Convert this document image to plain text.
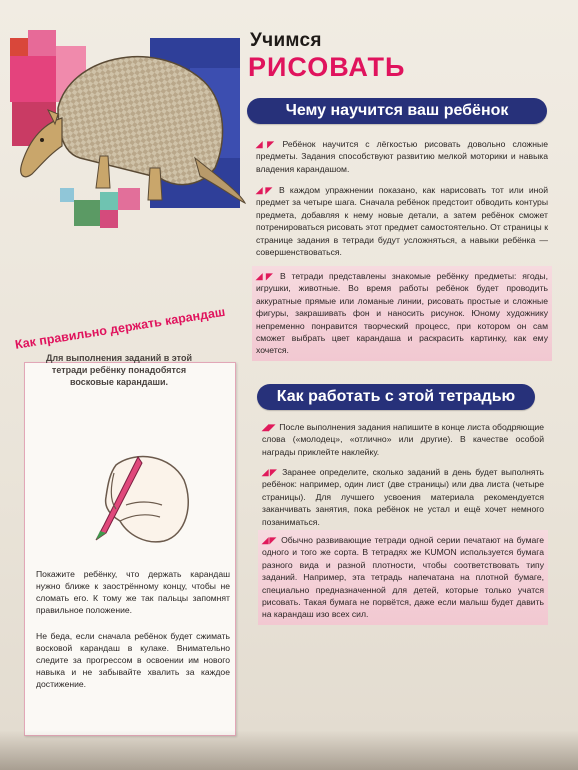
Учимся
РИСОВАТЬ
Чему научится ваш ребёнок
◢◤ Ребёнок научится с лёгкостью рисовать довольно сложные предметы. Задания способствуют развитию мелкой моторики и навыка владения карандашом.
◢◤ В каждом упражнении показано, как нарисовать тот или иной предмет за четыре шага. Сначала ребёнок предстоит обводить контуры предмета, добавляя к нему новые детали, а затем ребёнок сможет потренироваться рисовать этот предмет самостоятельно. От страницы к странице задания в тетради будут усложняться, а навыки ребёнка — совершенствоваться.
◢◤ В тетради представлены знакомые ребёнку предметы: ягоды, игрушки, животные. Во время работы ребёнок будет проводить аккуратные прямые или ломаные линии, рисовать простые и сложные фигуры, закрашивать фон и наносить рисунок. Юному художнику непременно понравится творческий процесс, при котором он сам сможет выбрать цвет карандаша и раскрасить картинку, как ему хочется.
Как работать с этой тетрадью
◢◤ После выполнения задания напишите в конце листа ободряющие слова («молодец», «отлично» или другие). В качестве особой награды приклейте наклейку.
◢◤ Заранее определите, сколько заданий в день будет выполнять ребёнок: например, один лист (две страницы) или два листа (четыре страницы). Для лучшего усвоения материала рекомендуется заканчивать занятия, пока ребёнок не устал и ещё хочет немного позаниматься.
◢◤ Обычно развивающие тетради одной серии печатают на бумаге одного и того же сорта. В тетрадях же KUMON используется бумага разного вида и разной плотности, чтобы соответствовать типу заданий. Например, эта тетрадь напечатана на плотной бумаге, специально предназначенной для детей, которые только учатся рисовать. Такая бумага не порвётся, даже если малыш будет давить на карандаш изо всех сил.
Как правильно держать карандаш
Для выполнения заданий в этой тетради ребёнку понадобятся восковые карандаши.
Покажите ребёнку, что держать карандаш нужно ближе к заострённому концу, чтобы не сломать его. К тому же так пальцы запомнят правильное положение.
Не беда, если сначала ребёнок будет сжимать восковой карандаш в кулаке. Внимательно следите за прогрессом в освоении им нового навыка и не забывайте хвалить за каждое достижение.
